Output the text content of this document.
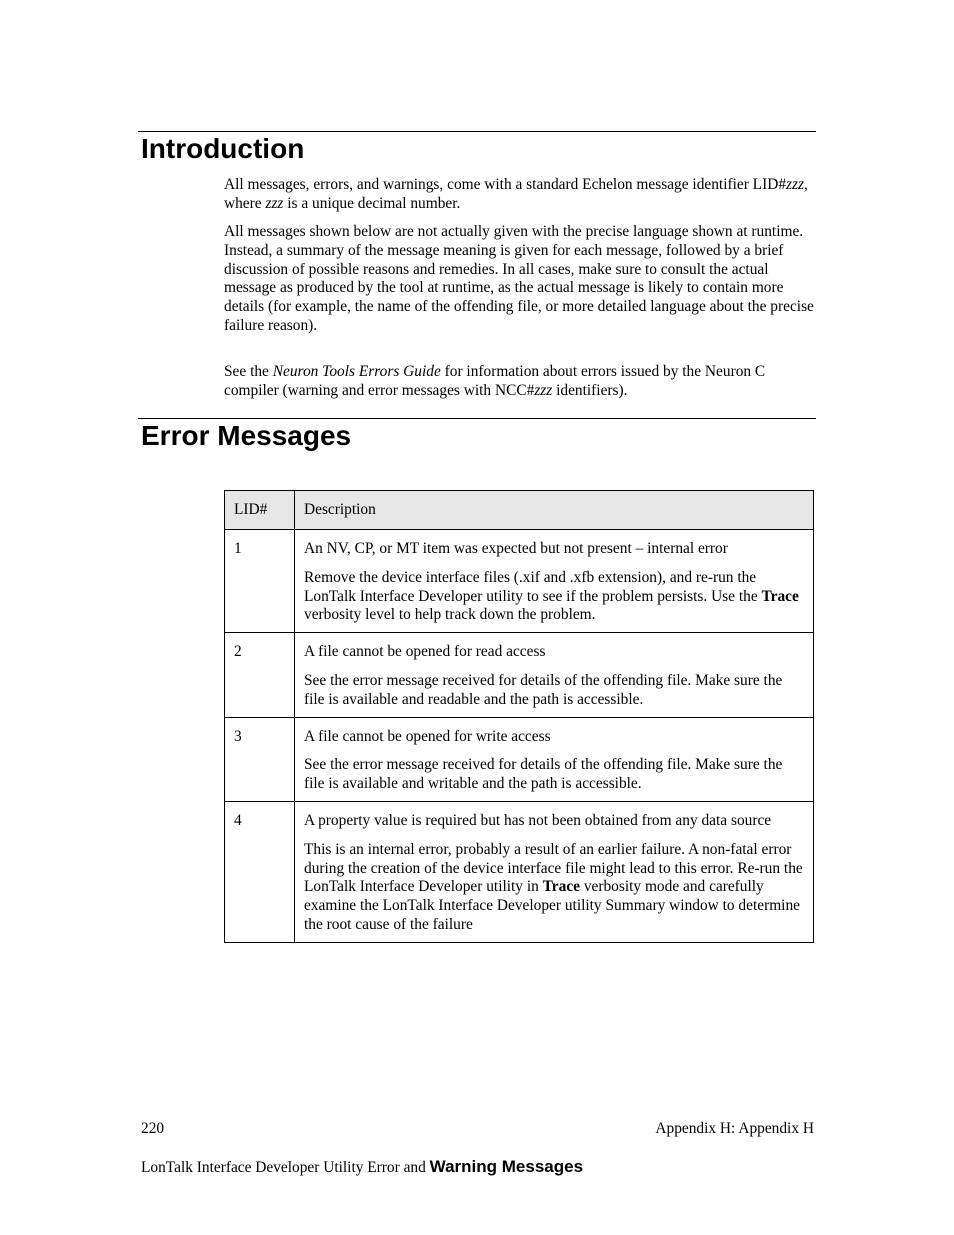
Introduction

All messages, errors, and warnings, come with a standard Echelon message identifier LID#zzz, where zzz is a unique decimal number.

All messages shown below are not actually given with the precise language shown at runtime. Instead, a summary of the message meaning is given for each message, followed by a brief discussion of possible reasons and remedies. In all cases, make sure to consult the actual message as produced by the tool at runtime, as the actual message is likely to contain more details (for example, the name of the offending file, or more detailed language about the precise failure reason).

See the Neuron Tools Errors Guide for information about errors issued by the Neuron C compiler (warning and error messages with NCC#zzz identifiers).

Error Messages
LID#	Description
1	An NV, CP, or MT item was expected but not present – internal error

Remove the device interface files (.xif and .xfb extension), and re-run the LonTalk Interface Developer utility to see if the problem persists. Use the Trace verbosity level to help track down the problem.

2	A file cannot be opened for read access

See the error message received for details of the offending file. Make sure the file is available and readable and the path is accessible.

3	A file cannot be opened for write access

See the error message received for details of the offending file. Make sure the file is available and writable and the path is accessible.

4	A property value is required but has not been obtained from any data source

This is an internal error, probably a result of an earlier failure. A non-fatal error during the creation of the device interface file might lead to this error. Re-run the LonTalk Interface Developer utility in Trace verbosity mode and carefully examine the LonTalk Interface Developer utility Summary window to determine the root cause of the failure

220	Appendix H: Appendix H
LonTalk Interface Developer Utility Error and Warning Messages
